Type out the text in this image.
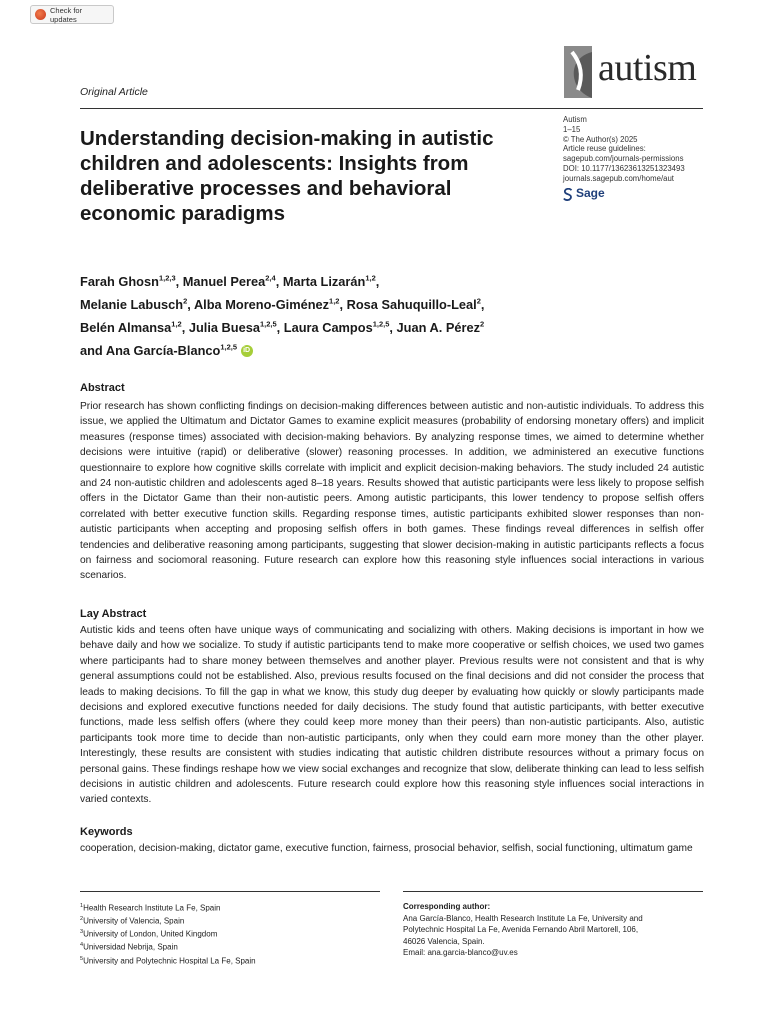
Check for updates
Original Article
autism
Understanding decision-making in autistic children and adolescents: Insights from deliberative processes and behavioral economic paradigms
Autism
1–15
© The Author(s) 2025
Article reuse guidelines:
sagepub.com/journals-permissions
DOI: 10.1177/13623613251323493
journals.sagepub.com/home/aut
Sage
Farah Ghosn$^{1,2,3}$, Manuel Perea$^{2,4}$, Marta Lizarán$^{1,2}$,
Melanie Labusch$^2$, Alba Moreno-Giménez$^{1,2}$, Rosa Sahuquillo-Leal$^2$,
Belén Almansa$^{1,2}$, Julia Buesa$^{1,2,5}$, Laura Campos$^{1,2,5}$, Juan A. Pérez$^2$
and Ana García-Blanco$^{1,2,5}$ iD
Abstract

Prior research has shown conflicting findings on decision-making differences between autistic and non-autistic individuals. To address this issue, we applied the Ultimatum and Dictator Games to examine explicit measures (probability of endorsing monetary offers) and implicit measures (response times) associated with decision-making behaviors. By analyzing response times, we aimed to determine whether decisions were intuitive (rapid) or deliberative (slower) reasoning processes. In addition, we administered an executive functions questionnaire to explore how cognitive skills correlate with implicit and explicit decision-making behaviors. The study included 24 autistic and 24 non-autistic children and adolescents aged 8–18 years. Results showed that autistic participants were less likely to propose selfish offers in the Dictator Game than their non-autistic peers. Among autistic participants, this lower tendency to propose selfish offers correlated with better executive function skills. Regarding response times, autistic participants exhibited slower responses than non-autistic participants when accepting and proposing selfish offers in both games. These findings reveal differences in selfish offer tendencies and deliberative reasoning among participants, suggesting that slower decision-making in autistic participants reflects a focus on fairness and sociomoral reasoning. Future research can explore how this reasoning style influences social interactions in various scenarios.

Lay Abstract

Autistic kids and teens often have unique ways of communicating and socializing with others. Making decisions is important in how we behave daily and how we socialize. To study if autistic participants tend to make more cooperative or selfish choices, we used two games where participants had to share money between themselves and another player. Previous results were not consistent and that is why general assumptions could not be established. Also, previous results focused on the final decisions and did not consider the process that leads to making decisions. To fill the gap in what we know, this study dug deeper by evaluating how quickly or slowly participants made decisions and explored executive functions needed for daily decisions. The study found that autistic participants, with better executive functions, made less selfish offers (where they could keep more money than their peers) than non-autistic participants. Also, autistic participants took more time to decide than non-autistic participants, only when they could earn more money than the other player. Interestingly, these results are consistent with studies indicating that autistic children distribute resources without a primary focus on personal gains. These findings reshape how we view social exchanges and recognize that slow, deliberate thinking can lead to less selfish decisions in autistic children and adolescents. Future research could explore how this reasoning style influences social interactions in varied contexts.

Keywords

cooperation, decision-making, dictator game, executive function, fairness, prosocial behavior, selfish, social functioning, ultimatum game

$^1$Health Research Institute La Fe, Spain
$^2$University of Valencia, Spain
$^3$University of London, United Kingdom
$^4$Universidad Nebrija, Spain
$^5$University and Polytechnic Hospital La Fe, Spain
Corresponding author:
Ana García-Blanco, Health Research Institute La Fe, University and
Polytechnic Hospital La Fe, Avenida Fernando Abril Martorell, 106,
46026 Valencia, Spain.
Email: ana.garcia-blanco@uv.es
